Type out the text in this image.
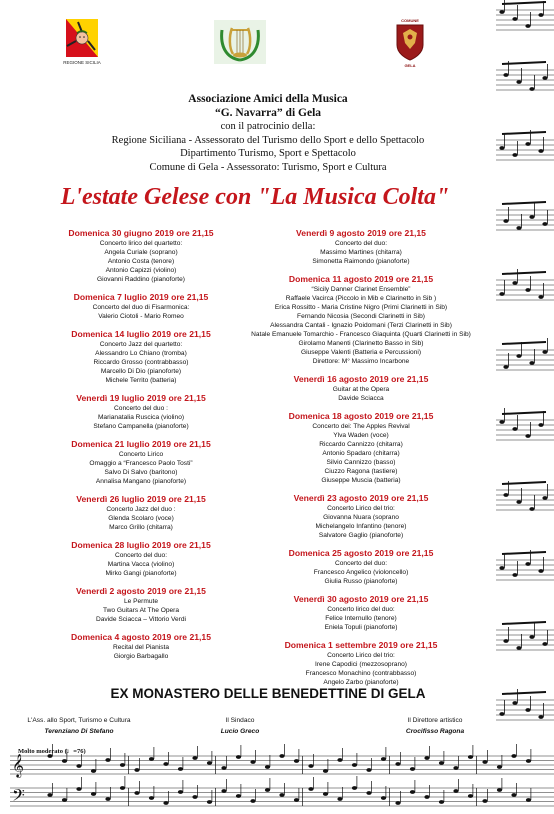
𝄞
𝄢
Molto moderato (♩=76)
REGIONE SICILIA
COMUNE
GELA
Associazione Amici della Musica
“G. Navarra” di Gela
con il patrocinio della:
Regione Siciliana - Assessorato del Turismo dello Sport e dello Spettacolo
Dipartimento Turismo, Sport e Spettacolo
Comune di Gela - Assessorato: Turismo, Sport e Cultura
L'estate Gelese con "La Musica Colta"
Domenica 30 giugno 2019 ore 21,15
Concerto lirico del quartetto:
Angela Curiale (soprano)
Antonio Costa (tenore)
Antonio Capizzi (violino)
Giovanni Raddino (pianoforte)
Domenica 7 luglio 2019 ore 21,15
Concerto del duo di Fisarmonica:
Valerio Ciotoli - Mario Romeo
Domenica 14 luglio 2019 ore 21,15
Concerto Jazz del quartetto:
Alessandro Lo Chiano (tromba)
Riccardo Grosso (contrabbasso)
Marcello Di Dio (pianoforte)
Michele Territo (batteria)
Venerdì 19 luglio 2019 ore 21,15
Concerto del duo :
Marianatalia Ruscica (violino)
Stefano Campanella (pianoforte)
Domenica 21 luglio 2019 ore 21,15
Concerto Lirico
Omaggio a “Francesco Paolo Tosti”
Salvo Di Salvo (baritono)
Annalisa Mangano (pianoforte)
Venerdì 26 luglio 2019 ore 21,15
Concerto Jazz del duo :
Glenda Scolaro (voce)
Marco Grillo (chitarra)
Domenica 28 luglio 2019 ore 21,15
Concerto del duo:
Martina Vacca (violino)
Mirko Gangi (pianoforte)
Venerdì 2 agosto 2019 ore 21,15
Le Permute
Two Guitars At The Opera
Davide Sciacca – Vittorio Verdi
Domenica 4 agosto 2019 ore 21,15
Recital del Pianista
Giorgio Barbagallo
Venerdì 9 agosto 2019 ore 21,15
Concerto del duo:
Massimo Martines (chitarra)
Simonetta Raimondo (pianoforte)
Domenica 11 agosto 2019 ore 21,15
“Sicily Danner Clarinet Ensemble”
Raffaele Vacirca (Piccolo in Mib e Clarinetto in Sib )
Erica Rossitto - Maria Cristine Nigro (Primi Clarinetti in Sib)
Fernando Nicosia (Secondi Clarinetti in Sib)
Alessandra Cantali - Ignazio Poidomani (Terzi Clarinetti in Sib)
Natale Emanuele Tomarchio - Francesco Giaquinta (Quarti Clarinetti in Sib)
Girolamo Manenti (Clarinetto Basso in Sib)
Giuseppe Valenti (Batteria e Percussioni)
Direttore: M° Massimo Incarbone
Venerdì 16 agosto 2019 ore 21,15
Guitar at the Opera
Davide Sciacca
Domenica 18 agosto 2019 ore 21,15
Concerto dei: The Apples Revival
Ylva Waden (voce)
Riccardo Cannizzo (chitarra)
Antonio Spadaro (chitarra)
Silvio Cannizzo (basso)
Ciuzzo Ragona (tastiere)
Giuseppe Muscia (batteria)
Venerdì 23 agosto 2019 ore 21,15
Concerto Lirico del trio:
Giovanna Nuara (soprano
Michelangelo Infantino (tenore)
Salvatore Gaglio (pianoforte)
Domenica 25 agosto 2019 ore 21,15
Concerto del duo:
Francesco Angelico (violoncello)
Giulia Russo (pianoforte)
Venerdì 30 agosto 2019 ore 21,15
Concerto lirico del duo:
Felice Internullo (tenore)
Eniela Topuli (pianoforte)
Domenica 1 settembre 2019 ore 21,15
Concerto Lirico del trio:
Irene Capodici (mezzosoprano)
Francesco Monachino (contrabbasso)
Angelo Zarbo (pianoforte)
EX MONASTERO DELLE BENEDETTINE DI GELA
L'Ass. allo Sport, Turismo e Cultura
Terenziano Di Stefano
Il Sindaco
Lucio Greco
Il Direttore artistico
Crocifisso Ragona
